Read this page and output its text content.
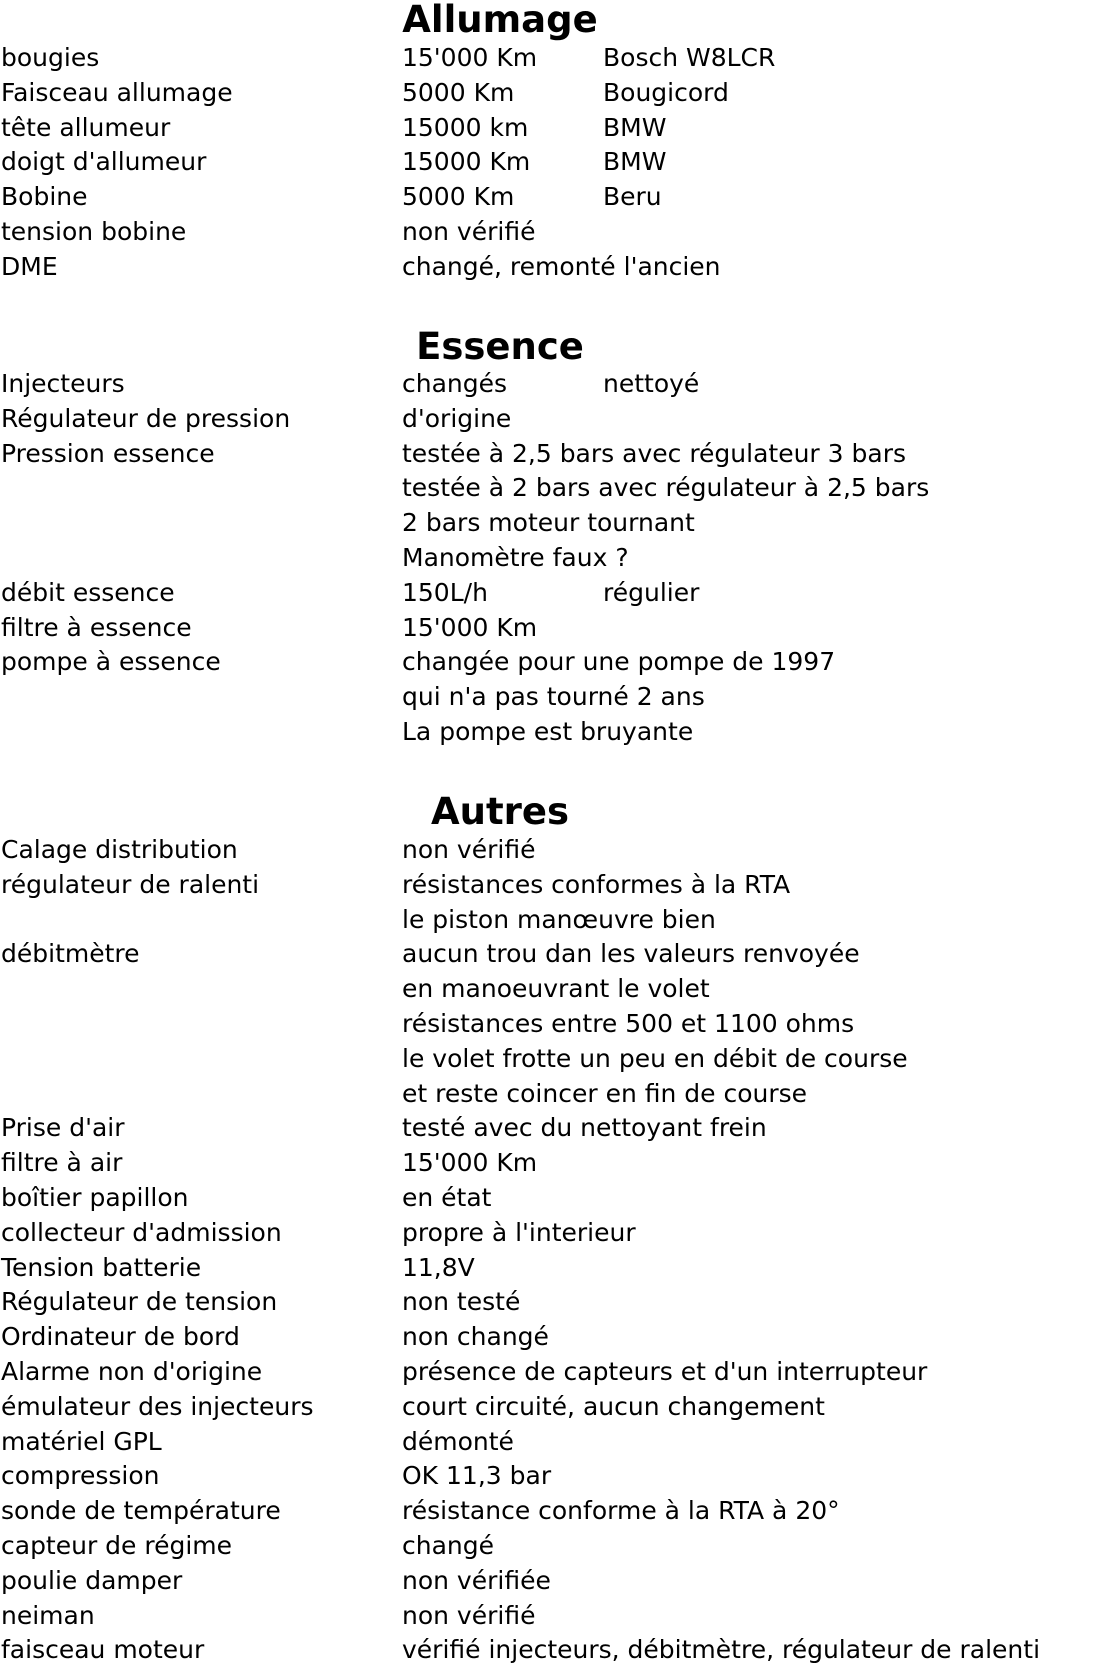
Allumage
bougies	15'000 Km	Bosch W8LCR
Faisceau allumage	5000 Km	Bougicord
tête allumeur	15000 km	BMW
doigt d'allumeur	15000 Km	BMW
Bobine	5000 Km	Beru
tension bobine	non vérifié
DME	changé, remonté l'ancien
Essence
Injecteurs	changés	nettoyé
Régulateur de pression	d'origine
Pression essence	testée à 2,5 bars avec régulateur 3 bars
testée à 2 bars avec régulateur à 2,5 bars
2 bars moteur tournant
Manomètre faux ?
débit essence	150L/h	régulier
filtre à essence	15'000 Km
pompe à essence	changée pour une pompe de 1997
qui n'a pas tourné 2 ans
La pompe est bruyante
Autres
Calage distribution	non vérifié
régulateur de ralenti	résistances conformes à la RTA
le piston manœuvre bien
débitmètre	aucun trou dan les valeurs renvoyée
en manoeuvrant le volet
résistances entre 500 et 1100 ohms
le volet frotte un peu en débit de course
et reste coincer en fin de course
Prise d'air	testé avec du nettoyant frein
filtre à air	15'000 Km
boîtier papillon	en état
collecteur d'admission	propre à l'interieur
Tension batterie	11,8V
Régulateur de tension	non testé
Ordinateur de bord	non changé
Alarme non d'origine	présence de capteurs et d'un interrupteur
émulateur des injecteurs	court circuité, aucun changement
matériel GPL	démonté
compression	OK 11,3 bar
sonde de température	résistance conforme à la RTA à 20°
capteur de régime	changé
poulie damper	non vérifiée
neiman	non vérifié
faisceau moteur	vérifié injecteurs, débitmètre, régulateur de ralenti
